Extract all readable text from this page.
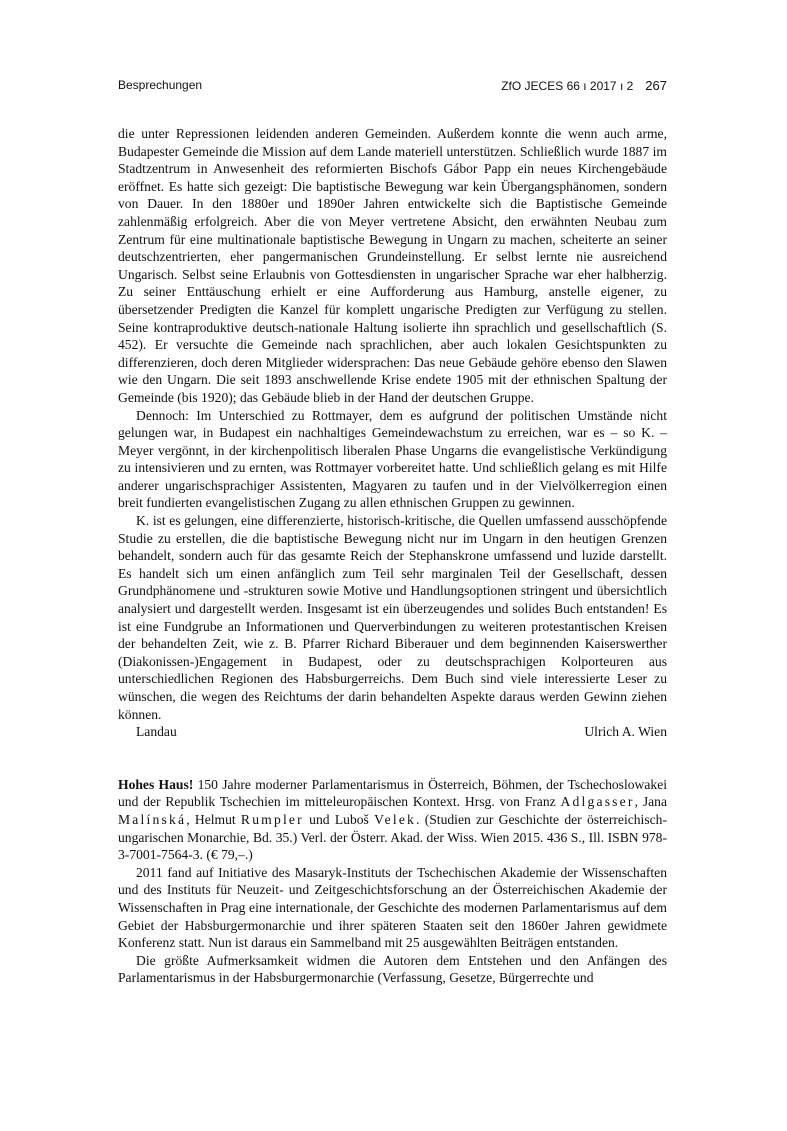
Besprechungen	ZfO JECES 66 ı 2017 ı 2 267

die unter Repressionen leidenden anderen Gemeinden. Außerdem konnte die wenn auch arme, Budapester Gemeinde die Mission auf dem Lande materiell unterstützen. Schließlich wurde 1887 im Stadtzentrum in Anwesenheit des reformierten Bischofs Gábor Papp ein neues Kirchengebäude eröffnet. Es hatte sich gezeigt: Die baptistische Bewegung war kein Übergangsphänomen, sondern von Dauer. In den 1880er und 1890er Jahren entwickelte sich die Baptistische Gemeinde zahlenmäßig erfolgreich. Aber die von Meyer vertretene Absicht, den erwähnten Neubau zum Zentrum für eine multinationale baptistische Bewegung in Ungarn zu machen, scheiterte an seiner deutschzentrierten, eher pangermanischen Grundeinstellung. Er selbst lernte nie ausreichend Ungarisch. Selbst seine Erlaubnis von Gottesdiensten in ungarischer Sprache war eher halbherzig. Zu seiner Enttäuschung erhielt er eine Aufforderung aus Hamburg, anstelle eigener, zu übersetzender Predigten die Kanzel für komplett ungarische Predigten zur Verfügung zu stellen. Seine kontraproduktive deutsch-nationale Haltung isolierte ihn sprachlich und gesellschaftlich (S. 452). Er versuchte die Gemeinde nach sprachlichen, aber auch lokalen Gesichtspunkten zu differenzieren, doch deren Mitglieder widersprachen: Das neue Gebäude gehöre ebenso den Slawen wie den Ungarn. Die seit 1893 anschwellende Krise endete 1905 mit der ethnischen Spaltung der Gemeinde (bis 1920); das Gebäude blieb in der Hand der deutschen Gruppe.

Dennoch: Im Unterschied zu Rottmayer, dem es aufgrund der politischen Umstände nicht gelungen war, in Budapest ein nachhaltiges Gemeindewachstum zu erreichen, war es – so K. – Meyer vergönnt, in der kirchenpolitisch liberalen Phase Ungarns die evangelistische Verkündigung zu intensivieren und zu ernten, was Rottmayer vorbereitet hatte. Und schließlich gelang es mit Hilfe anderer ungarischsprachiger Assistenten, Magyaren zu taufen und in der Vielvölkerregion einen breit fundierten evangelistischen Zugang zu allen ethnischen Gruppen zu gewinnen.

K. ist es gelungen, eine differenzierte, historisch-kritische, die Quellen umfassend ausschöpfende Studie zu erstellen, die die baptistische Bewegung nicht nur im Ungarn in den heutigen Grenzen behandelt, sondern auch für das gesamte Reich der Stephanskrone umfassend und luzide darstellt. Es handelt sich um einen anfänglich zum Teil sehr marginalen Teil der Gesellschaft, dessen Grundphänomene und -strukturen sowie Motive und Handlungsoptionen stringent und übersichtlich analysiert und dargestellt werden. Insgesamt ist ein überzeugendes und solides Buch entstanden! Es ist eine Fundgrube an Informationen und Querverbindungen zu weiteren protestantischen Kreisen der behandelten Zeit, wie z. B. Pfarrer Richard Biberauer und dem beginnenden Kaiserswerther (Diakonissen-)Engagement in Budapest, oder zu deutschsprachigen Kolporteuren aus unterschiedlichen Regionen des Habsburgerreichs. Dem Buch sind viele interessierte Leser zu wünschen, die wegen des Reichtums der darin behandelten Aspekte daraus werden Gewinn ziehen können.

Landau	Ulrich A. Wien

Hohes Haus! 150 Jahre moderner Parlamentarismus in Österreich, Böhmen, der Tschechoslowakei und der Republik Tschechien im mitteleuropäischen Kontext. Hrsg. von Franz Adlgasser, Jana Malínská, Helmut Rumpler und Luboš Velek. (Studien zur Geschichte der österreichisch-ungarischen Monarchie, Bd. 35.) Verl. der Österr. Akad. der Wiss. Wien 2015. 436 S., Ill. ISBN 978-3-7001-7564-3. (€ 79,–.)

2011 fand auf Initiative des Masaryk-Instituts der Tschechischen Akademie der Wissenschaften und des Instituts für Neuzeit- und Zeitgeschichtsforschung an der Österreichischen Akademie der Wissenschaften in Prag eine internationale, der Geschichte des modernen Parlamentarismus auf dem Gebiet der Habsburgermonarchie und ihrer späteren Staaten seit den 1860er Jahren gewidmete Konferenz statt. Nun ist daraus ein Sammelband mit 25 ausgewählten Beiträgen entstanden.

Die größte Aufmerksamkeit widmen die Autoren dem Entstehen und den Anfängen des Parlamentarismus in der Habsburgermonarchie (Verfassung, Gesetze, Bürgerrechte und
